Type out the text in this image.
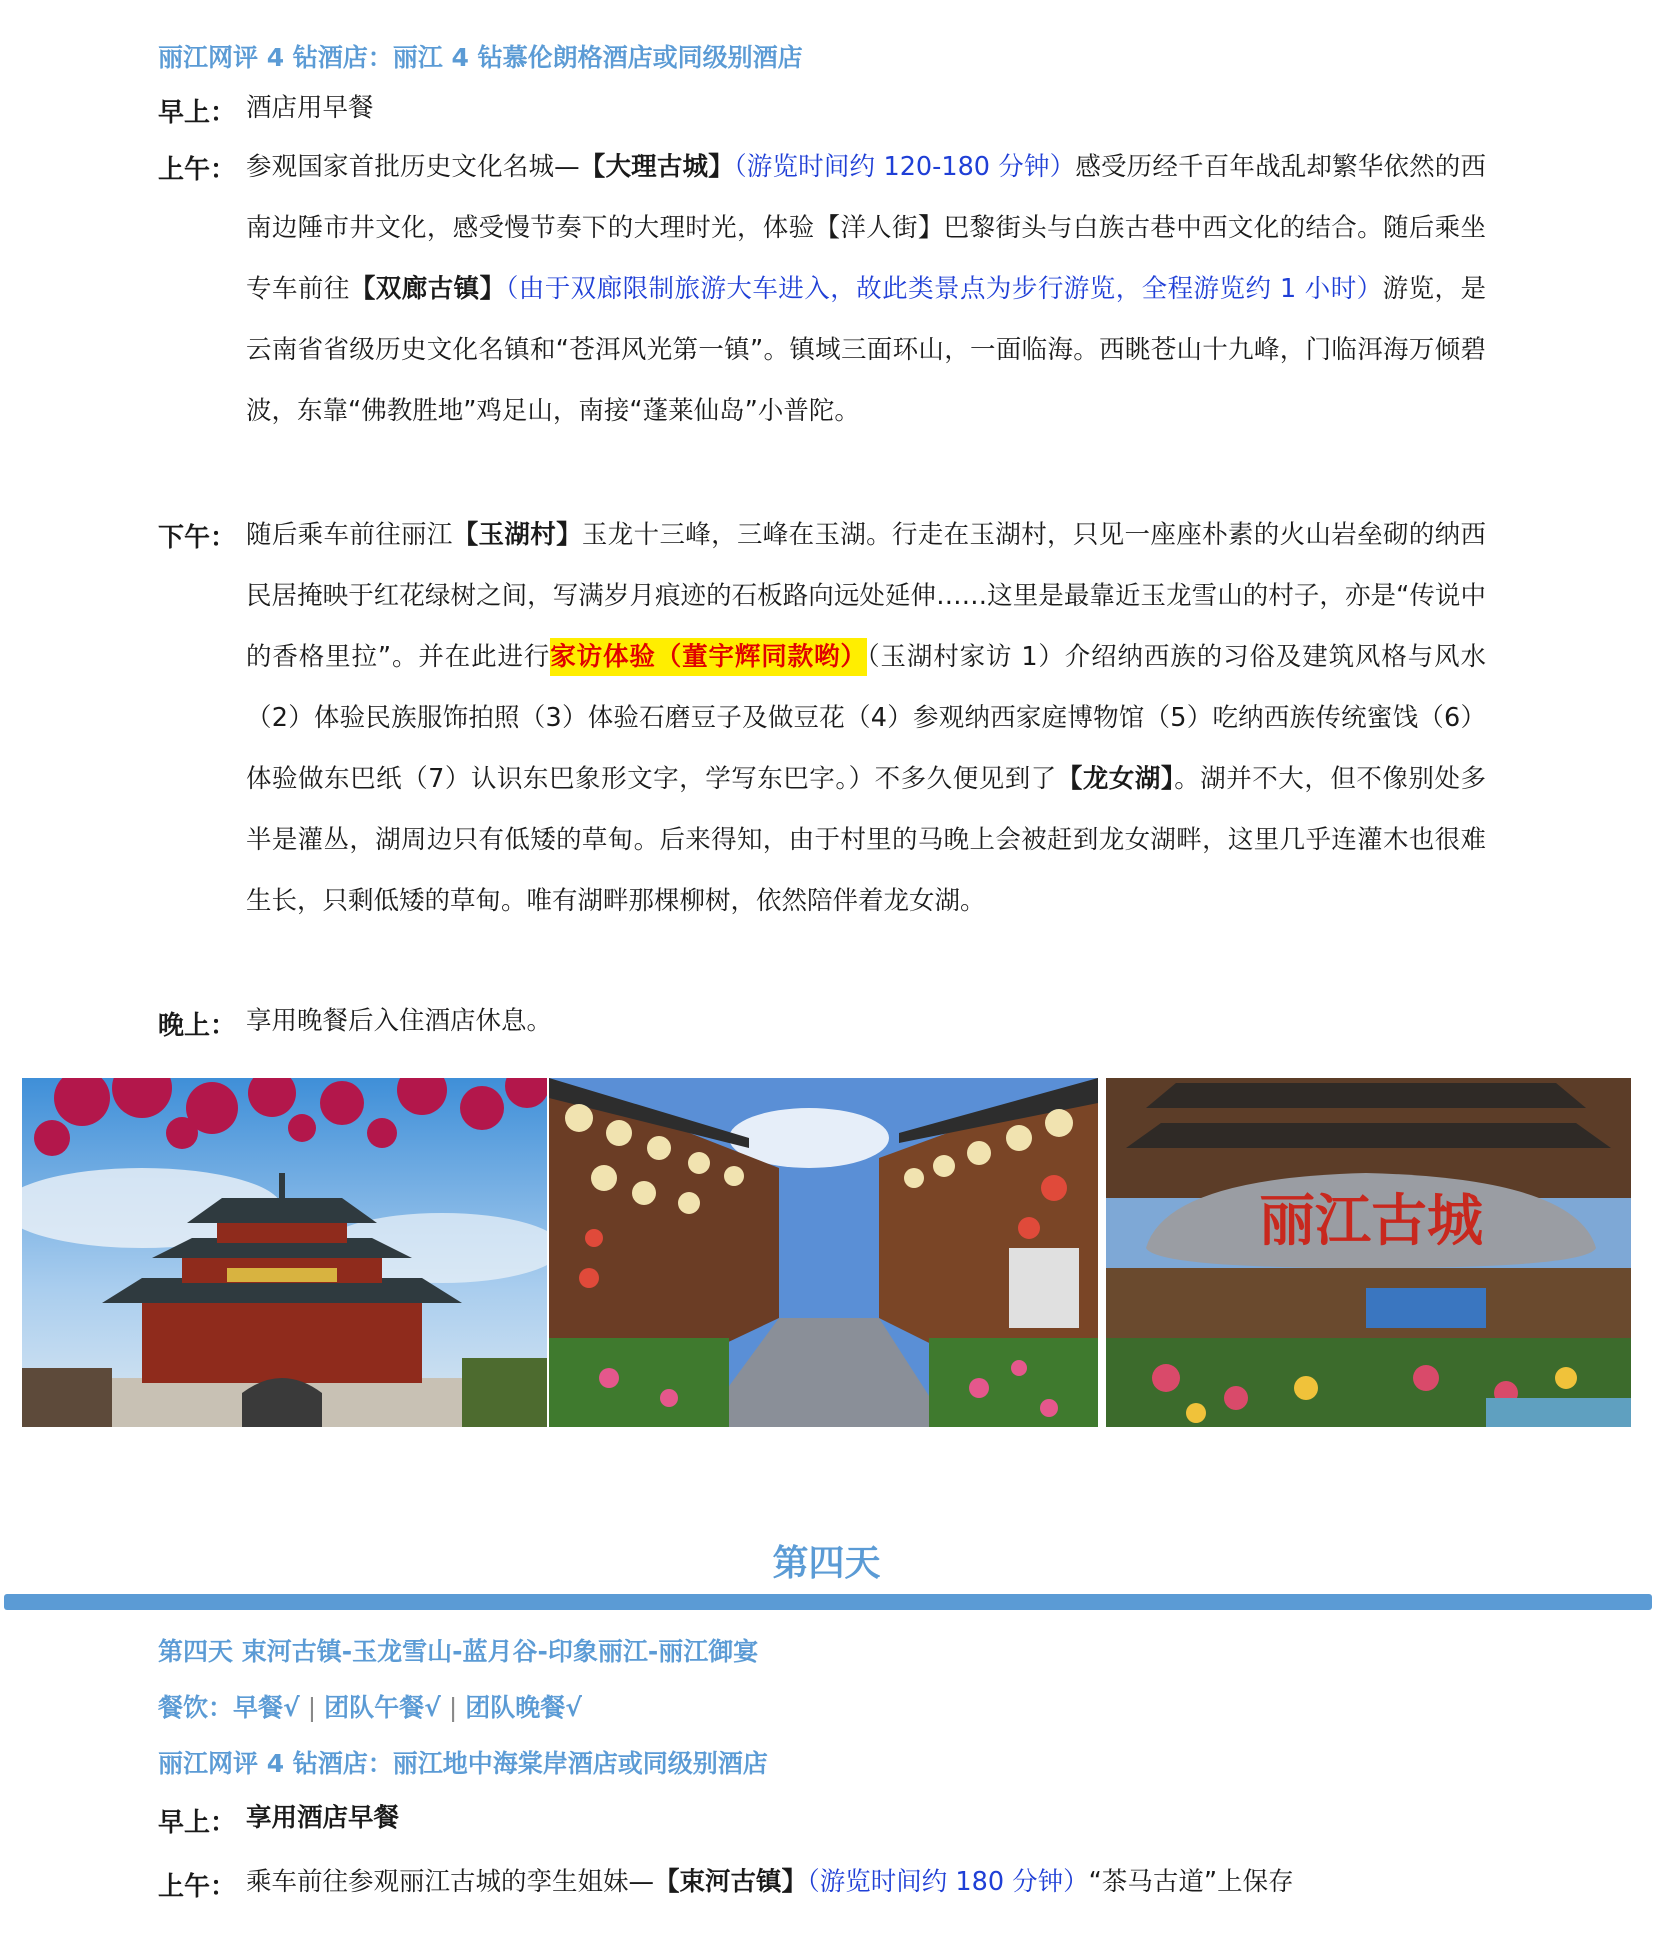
丽江网评 4 钻酒店：丽江 4 钻慕伦朗格酒店或同级别酒店
早上： 酒店用早餐
上午： 参观国家首批历史文化名城—【大理古城】（游览时间约 120-180 分钟）感受历经千百年战乱却繁华依然的西南边陲市井文化，感受慢节奏下的大理时光，体验【洋人街】巴黎街头与白族古巷中西文化的结合。随后乘坐专车前往【双廊古镇】（由于双廊限制旅游大车进入，故此类景点为步行游览，全程游览约 1 小时）游览，是云南省省级历史文化名镇和“苍洱风光第一镇”。镇域三面环山，一面临海。西眺苍山十九峰，门临洱海万倾碧波，东靠“佛教胜地”鸡足山，南接“蓬莱仙岛”小普陀。
下午： 随后乘车前往丽江【玉湖村】玉龙十三峰，三峰在玉湖。行走在玉湖村，只见一座座朴素的火山岩垒砌的纳西民居掩映于红花绿树之间，写满岁月痕迹的石板路向远处延伸……这里是最靠近玉龙雪山的村子，亦是“传说中的香格里拉”。并在此进行家访体验（董宇辉同款哟）（玉湖村家访 1）介绍纳西族的习俗及建筑风格与风水（2）体验民族服饰拍照（3）体验石磨豆子及做豆花（4）参观纳西家庭博物馆（5）吃纳西族传统蜜饯（6）体验做东巴纸（7）认识东巴象形文字，学写东巴字。）不多久便见到了【龙女湖】。湖并不大，但不像别处多半是灌丛，湖周边只有低矮的草甸。后来得知，由于村里的马晚上会被赶到龙女湖畔，这里几乎连灌木也很难生长，只剩低矮的草甸。唯有湖畔那棵柳树，依然陪伴着龙女湖。
晚上： 享用晚餐后入住酒店休息。
丽江古城
第四天
第四天 束河古镇-玉龙雪山-蓝月谷-印象丽江-丽江御宴
餐饮：早餐√ | 团队午餐√ | 团队晚餐√
丽江网评 4 钻酒店：丽江地中海棠岸酒店或同级别酒店
早上： 享用酒店早餐
上午： 乘车前往参观丽江古城的孪生姐妹—【束河古镇】（游览时间约 180 分钟）“茶马古道”上保存
